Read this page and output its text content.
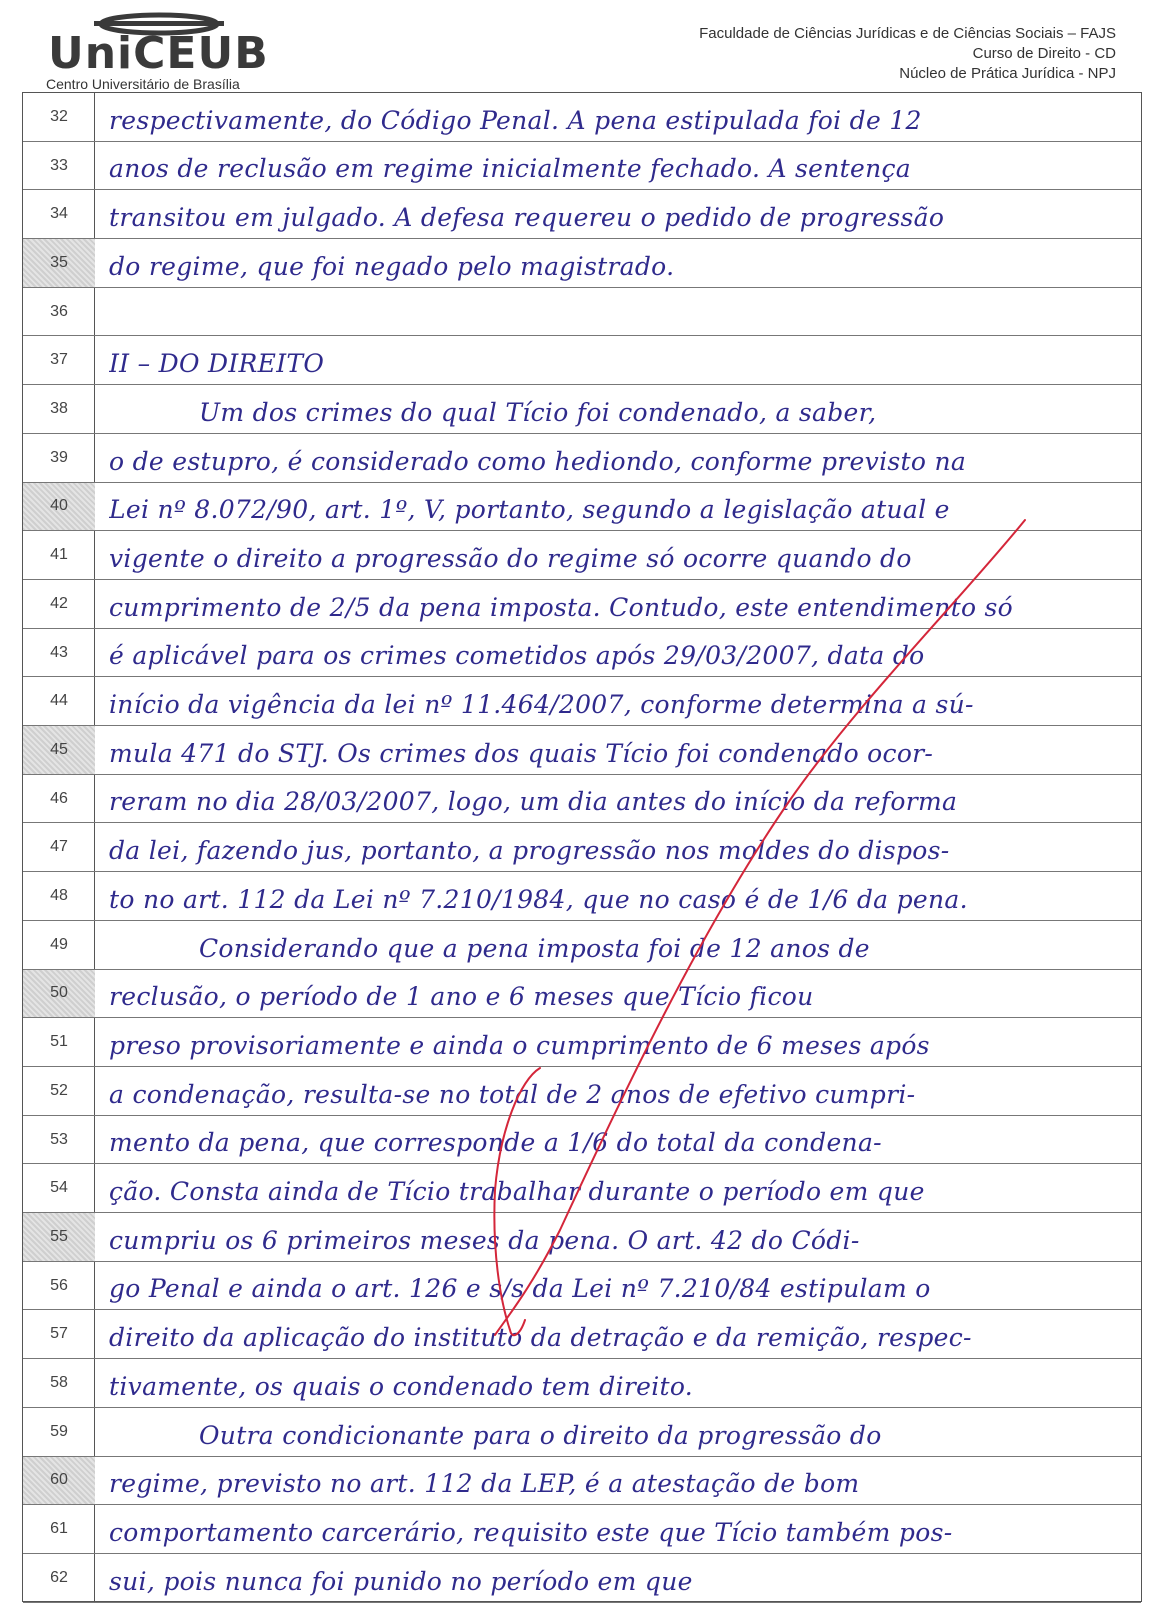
UniCEUB
Centro Universitário de Brasília
Faculdade de Ciências Jurídicas e de Ciências Sociais – FAJS
Curso de Direito - CD
Núcleo de Prática Jurídica - NPJ
32	respectivamente, do Código Penal. A pena estipulada foi de 12
33	anos de reclusão em regime inicialmente fechado. A sentença
34	transitou em julgado. A defesa requereu o pedido de progressão
35	do regime, que foi negado pelo magistrado.
36
37	II – DO DIREITO
38	Um dos crimes do qual Tício foi condenado, a saber,
39	o de estupro, é considerado como hediondo, conforme previsto na
40	Lei nº 8.072/90, art. 1º, V, portanto, segundo a legislação atual e
41	vigente o direito a progressão do regime só ocorre quando do
42	cumprimento de 2/5 da pena imposta. Contudo, este entendimento só
43	é aplicável para os crimes cometidos após 29/03/2007, data do
44	início da vigência da lei nº 11.464/2007, conforme determina a sú-
45	mula 471 do STJ. Os crimes dos quais Tício foi condenado ocor-
46	reram no dia 28/03/2007, logo, um dia antes do início da reforma
47	da lei, fazendo jus, portanto, a progressão nos moldes do dispos-
48	to no art. 112 da Lei nº 7.210/1984, que no caso é de 1/6 da pena.
49	Considerando que a pena imposta foi de 12 anos de
50	reclusão, o período de 1 ano e 6 meses que Tício ficou
51	preso provisoriamente e ainda o cumprimento de 6 meses após
52	a condenação, resulta-se no total de 2 anos de efetivo cumpri-
53	mento da pena, que corresponde a 1/6 do total da condena-
54	ção. Consta ainda de Tício trabalhar durante o período em que
55	cumpriu os 6 primeiros meses da pena. O art. 42 do Códi-
56	go Penal e ainda o art. 126 e s/s da Lei nº 7.210/84 estipulam o
57	direito da aplicação do instituto da detração e da remição, respec-
58	tivamente, os quais o condenado tem direito.
59	Outra condicionante para o direito da progressão do
60	regime, previsto no art. 112 da LEP, é a atestação de bom
61	comportamento carcerário, requisito este que Tício também pos-
62	sui, pois nunca foi punido no período em que
